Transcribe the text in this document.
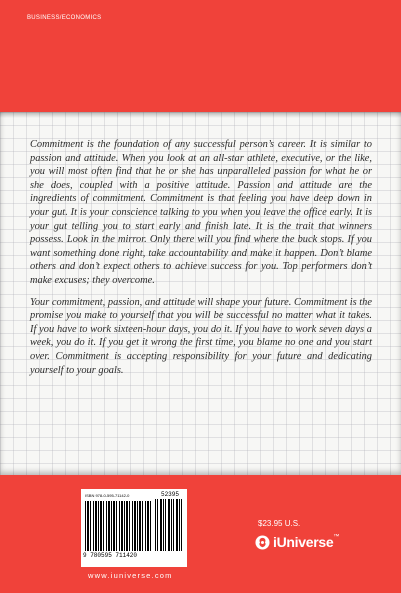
BUSINESS/ECONOMICS

Commitment is the foundation of any successful person’s career. It is similar to passion and attitude. When you look at an all-star athlete, executive, or the like, you will most often find that he or she has unparalleled passion for what he or she does, coupled with a positive attitude. Passion and attitude are the ingredients of commitment. Commitment is that feeling you have deep down in your gut. It is your conscience talking to you when you leave the office early. It is your gut telling you to start early and finish late. It is the trait that winners possess. Look in the mirror. Only there will you find where the buck stops. If you want something done right, take accountability and make it happen. Don’t blame others and don’t expect others to achieve success for you. Top performers don’t make excuses; they overcome.

Your commitment, passion, and attitude will shape your future. Commitment is the promise you make to yourself that you will be successful no matter what it takes. If you have to work sixteen-hour days, you do it. If you have to work seven days a week, you do it. If you get it wrong the first time, you blame no one and you start over. Commitment is accepting responsibility for your future and dedicating yourself to your goals.

ISBN 978-0-595-71142-0	52395
9 780595 711420
www.iuniverse.com
$23.95 U.S.
iUniverse™
